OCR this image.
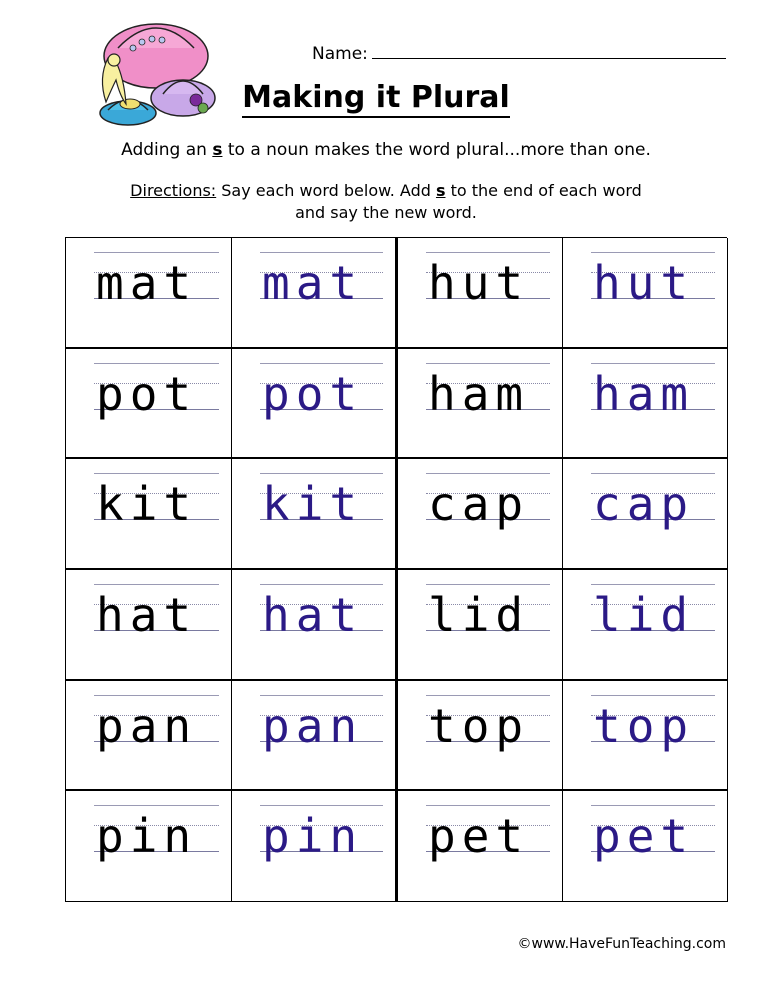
Name:
Making it Plural
Adding an s to a noun makes the word plural...more than one.
Directions: Say each word below. Add s to the end of each word
and say the new word.
mat mat hut hut
pot pot ham ham
kit kit cap cap
hat hat lid lid
pan pan top top
pin pin pet pet
©www.HaveFunTeaching.com
